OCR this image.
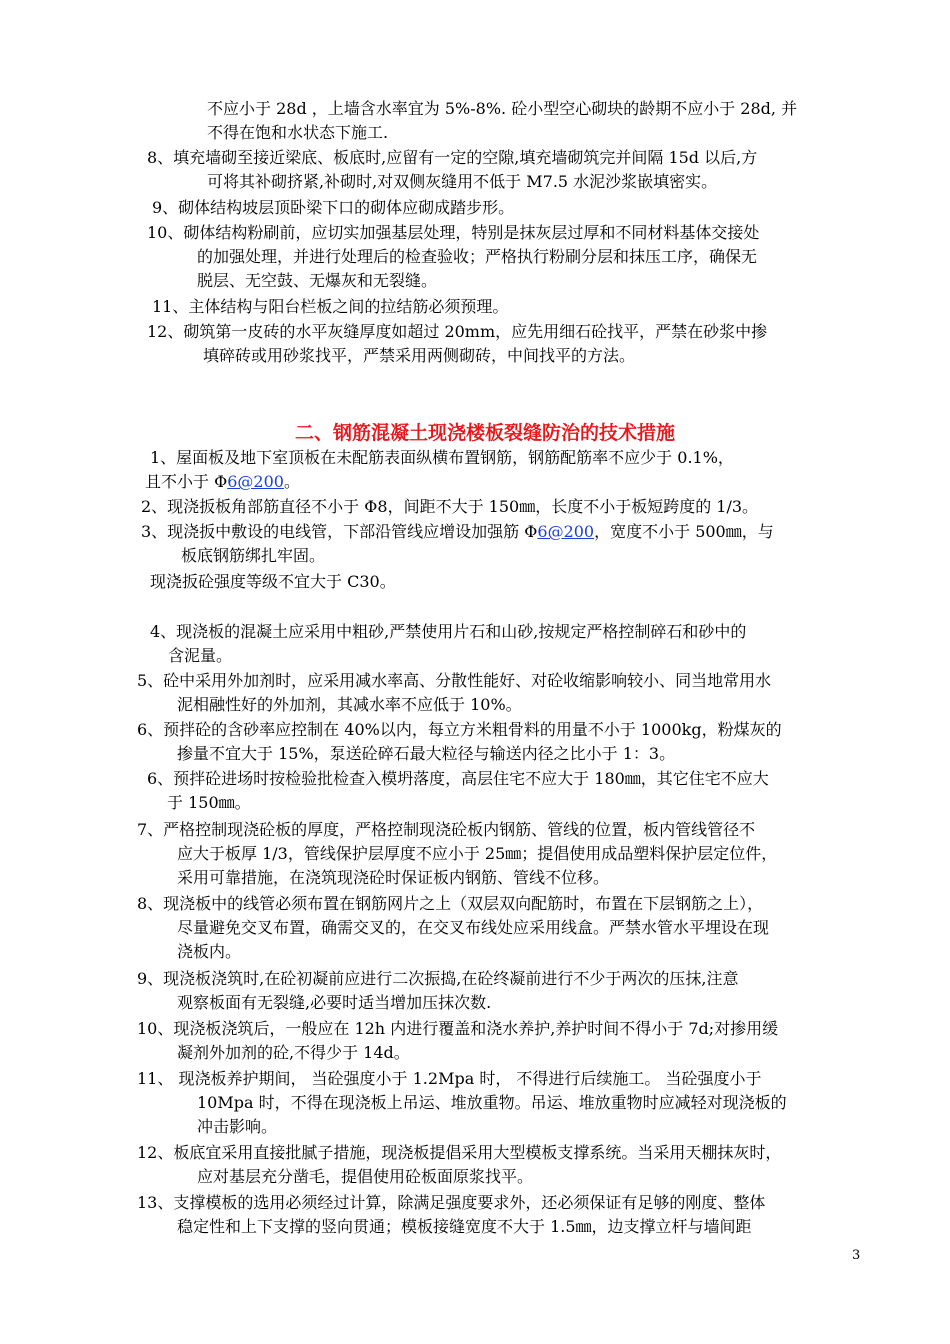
不应小于 28d ，上墙含水率宜为 5%-8%. 砼小型空心砌块的龄期不应小于 28d, 并
不得在饱和水状态下施工.
8、填充墙砌至接近梁底、板底时,应留有一定的空隙,填充墙砌筑完并间隔 15d 以后,方
可将其补砌挤紧,补砌时,对双侧灰缝用不低于 M7.5 水泥沙浆嵌填密实。
9、砌体结构坡层顶卧梁下口的砌体应砌成踏步形。
10、砌体结构粉刷前，应切实加强基层处理，特别是抹灰层过厚和不同材料基体交接处
的加强处理，并进行处理后的检查验收；严格执行粉刷分层和抹压工序，确保无
脱层、无空鼓、无爆灰和无裂缝。
11、主体结构与阳台栏板之间的拉结筋必须预理。
12、砌筑第一皮砖的水平灰缝厚度如超过 20mm，应先用细石砼找平，严禁在砂浆中掺
填碎砖或用砂浆找平，严禁采用两侧砌砖，中间找平的方法。
二、钢筋混凝土现浇楼板裂缝防治的技术措施
1、屋面板及地下室顶板在未配筋表面纵横布置钢筋，钢筋配筋率不应少于 0.1%，
且不小于 Φ6@200。
2、现浇扳板角部筋直径不小于 Φ8，间距不大于 150㎜，长度不小于板短跨度的 1/3。
3、现浇扳中敷设的电线管，下部沿管线应增设加强筋 Φ6@200，宽度不小于 500㎜，与
板底钢筋绑扎牢固。
现浇扳砼强度等级不宜大于 C30。
4、现浇板的混凝土应采用中粗砂,严禁使用片石和山砂,按规定严格控制碎石和砂中的
含泥量。
5、砼中采用外加剂时，应采用减水率高、分散性能好、对砼收缩影响较小、同当地常用水
泥相融性好的外加剂，其减水率不应低于 10%。
6、预拌砼的含砂率应控制在 40%以内，每立方米粗骨料的用量不小于 1000kg，粉煤灰的
掺量不宜大于 15%，泵送砼碎石最大粒径与输送内径之比小于 1：3。
6、预拌砼进场时按检验批检查入模坍落度，高层住宅不应大于 180㎜，其它住宅不应大
于 150㎜。
7、严格控制现浇砼板的厚度，严格控制现浇砼板内钢筋、管线的位置，板内管线管径不
应大于板厚 1/3，管线保护层厚度不应小于 25㎜；提倡使用成品塑料保护层定位件，
采用可靠措施，在浇筑现浇砼时保证板内钢筋、管线不位移。
8、现浇板中的线管必须布置在钢筋网片之上（双层双向配筋时，布置在下层钢筋之上），
尽量避免交叉布置，确需交叉的，在交叉布线处应采用线盒。严禁水管水平埋设在现
浇板内。
9、现浇板浇筑时,在砼初凝前应进行二次振捣,在砼终凝前进行不少于两次的压抹,注意
观察板面有无裂缝,必要时适当增加压抹次数.
10、现浇板浇筑后，一般应在 12h 内进行覆盖和浇水养护,养护时间不得小于 7d;对掺用缓
凝剂外加剂的砼,不得少于 14d。
11、 现浇板养护期间， 当砼强度小于 1.2Mpa 时， 不得进行后续施工。 当砼强度小于
10Mpa 时，不得在现浇板上吊运、堆放重物。吊运、堆放重物时应减轻对现浇板的
冲击影响。
12、板底宜采用直接批腻子措施，现浇板提倡采用大型模板支撑系统。当采用天棚抹灰时，
应对基层充分凿毛，提倡使用砼板面原浆找平。
13、支撑模板的选用必须经过计算，除满足强度要求外，还必须保证有足够的刚度、整体
稳定性和上下支撑的竖向贯通；模板接缝宽度不大于 1.5㎜，边支撑立杆与墙间距
3
